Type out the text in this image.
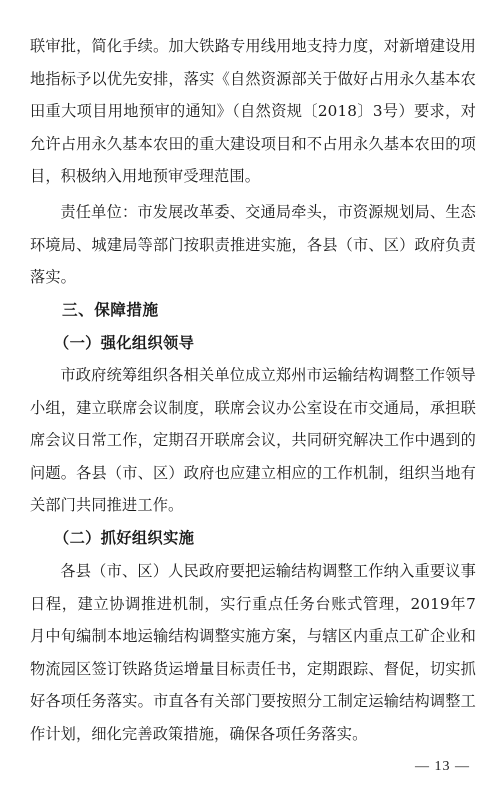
联审批，简化手续。加大铁路专用线用地支持力度，对新增建设用地指标予以优先安排，落实《自然资源部关于做好占用永久基本农田重大项目用地预审的通知》（自然资规〔2018〕3号）要求，对允许占用永久基本农田的重大建设项目和不占用永久基本农田的项目，积极纳入用地预审受理范围。

责任单位：市发展改革委、交通局牵头，市资源规划局、生态环境局、城建局等部门按职责推进实施，各县（市、区）政府负责落实。

三、保障措施
（一）强化组织领导

市政府统筹组织各相关单位成立郑州市运输结构调整工作领导小组，建立联席会议制度，联席会议办公室设在市交通局，承担联席会议日常工作，定期召开联席会议，共同研究解决工作中遇到的问题。各县（市、区）政府也应建立相应的工作机制，组织当地有关部门共同推进工作。

（二）抓好组织实施

各县（市、区）人民政府要把运输结构调整工作纳入重要议事日程，建立协调推进机制，实行重点任务台账式管理，2019年7月中旬编制本地运输结构调整实施方案，与辖区内重点工矿企业和物流园区签订铁路货运增量目标责任书，定期跟踪、督促，切实抓好各项任务落实。市直各有关部门要按照分工制定运输结构调整工作计划，细化完善政策措施，确保各项任务落实。

— 13 —
